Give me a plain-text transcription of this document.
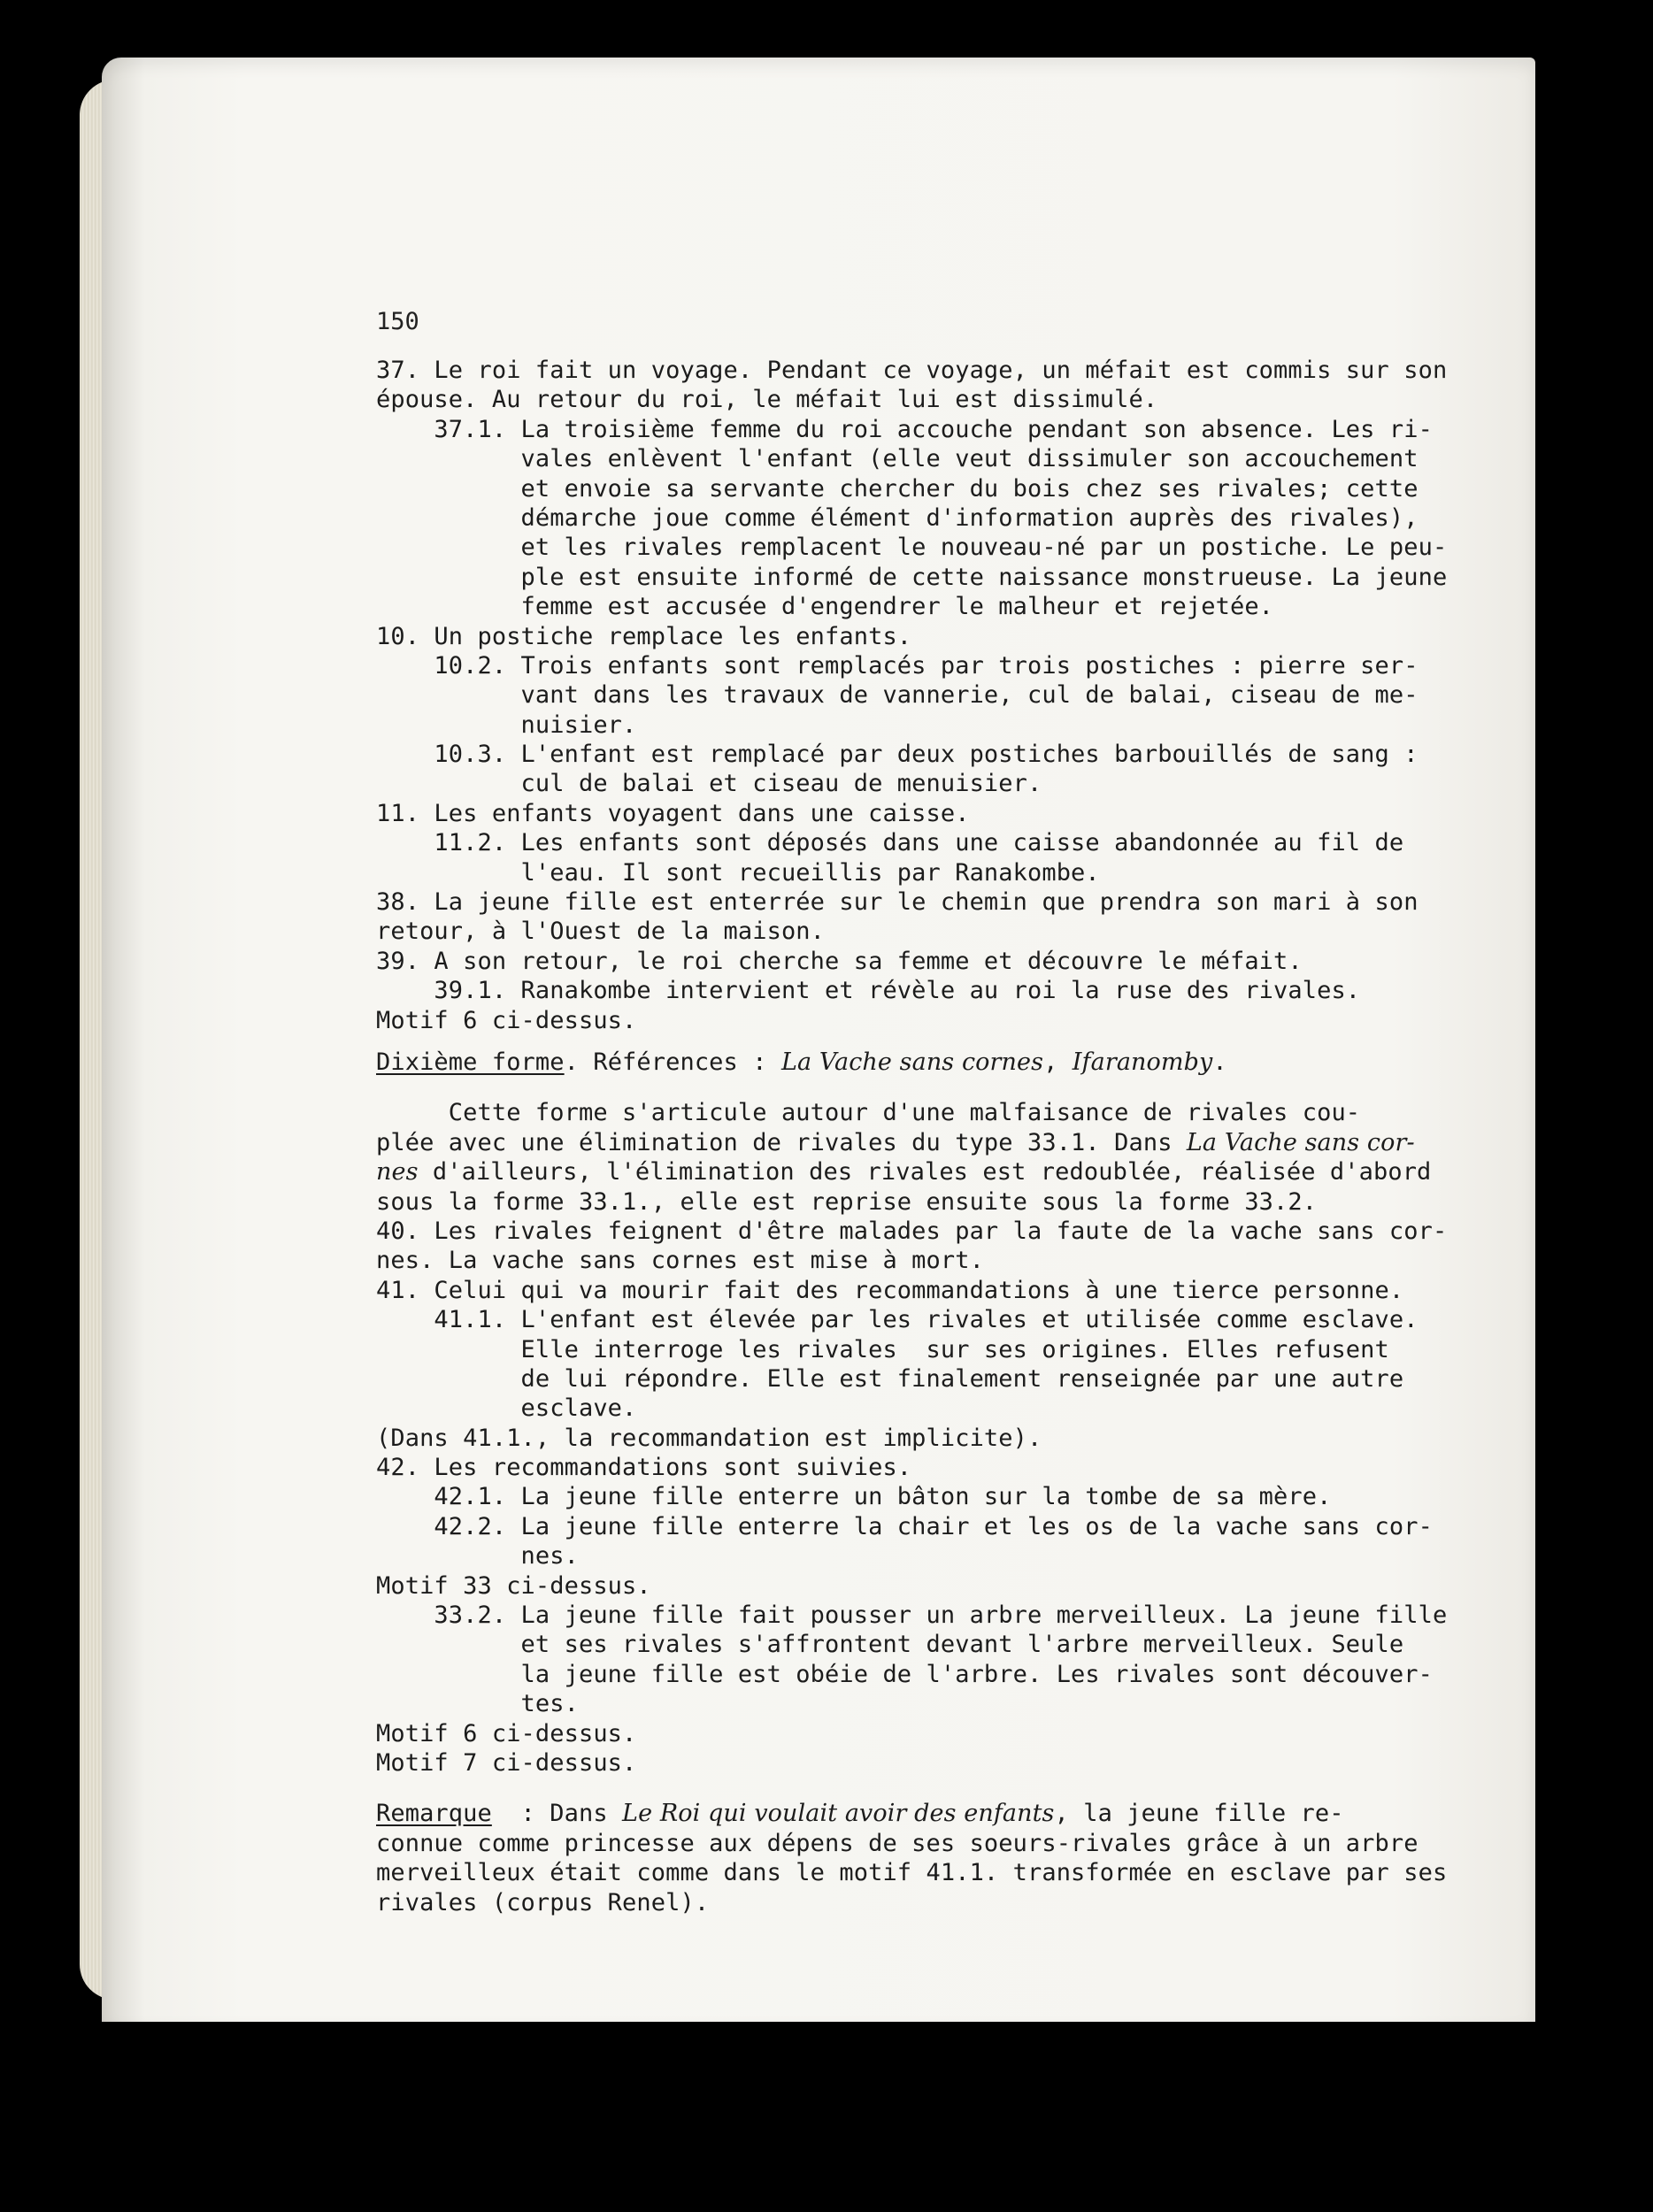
150
37. Le roi fait un voyage. Pendant ce voyage, un méfait est commis sur son
épouse. Au retour du roi, le méfait lui est dissimulé.
37.1. La troisième femme du roi accouche pendant son absence. Les ri-
vales enlèvent l'enfant (elle veut dissimuler son accouchement
et envoie sa servante chercher du bois chez ses rivales; cette
démarche joue comme élément d'information auprès des rivales),
et les rivales remplacent le nouveau-né par un postiche. Le peu-
ple est ensuite informé de cette naissance monstrueuse. La jeune
femme est accusée d'engendrer le malheur et rejetée.
10. Un postiche remplace les enfants.
10.2. Trois enfants sont remplacés par trois postiches : pierre ser-
vant dans les travaux de vannerie, cul de balai, ciseau de me-
nuisier.
10.3. L'enfant est remplacé par deux postiches barbouillés de sang :
cul de balai et ciseau de menuisier.
11. Les enfants voyagent dans une caisse.
11.2. Les enfants sont déposés dans une caisse abandonnée au fil de
l'eau. Il sont recueillis par Ranakombe.
38. La jeune fille est enterrée sur le chemin que prendra son mari à son
retour, à l'Ouest de la maison.
39. A son retour, le roi cherche sa femme et découvre le méfait.
39.1. Ranakombe intervient et révèle au roi la ruse des rivales.
Motif 6 ci-dessus.
Dixième forme. Références : La Vache sans cornes, Ifaranomby.
Cette forme s'articule autour d'une malfaisance de rivales cou-
plée avec une élimination de rivales du type 33.1. Dans La Vache sans cor-
nes d'ailleurs, l'élimination des rivales est redoublée, réalisée d'abord
sous la forme 33.1., elle est reprise ensuite sous la forme 33.2.
40. Les rivales feignent d'être malades par la faute de la vache sans cor-
nes. La vache sans cornes est mise à mort.
41. Celui qui va mourir fait des recommandations à une tierce personne.
41.1. L'enfant est élevée par les rivales et utilisée comme esclave.
Elle interroge les rivales  sur ses origines. Elles refusent
de lui répondre. Elle est finalement renseignée par une autre
esclave.
(Dans 41.1., la recommandation est implicite).
42. Les recommandations sont suivies.
42.1. La jeune fille enterre un bâton sur la tombe de sa mère.
42.2. La jeune fille enterre la chair et les os de la vache sans cor-
nes.
Motif 33 ci-dessus.
33.2. La jeune fille fait pousser un arbre merveilleux. La jeune fille
et ses rivales s'affrontent devant l'arbre merveilleux. Seule
la jeune fille est obéie de l'arbre. Les rivales sont découver-
tes.
Motif 6 ci-dessus.
Motif 7 ci-dessus.
Remarque  : Dans Le Roi qui voulait avoir des enfants, la jeune fille re-
connue comme princesse aux dépens de ses soeurs-rivales grâce à un arbre
merveilleux était comme dans le motif 41.1. transformée en esclave par ses
rivales (corpus Renel).
